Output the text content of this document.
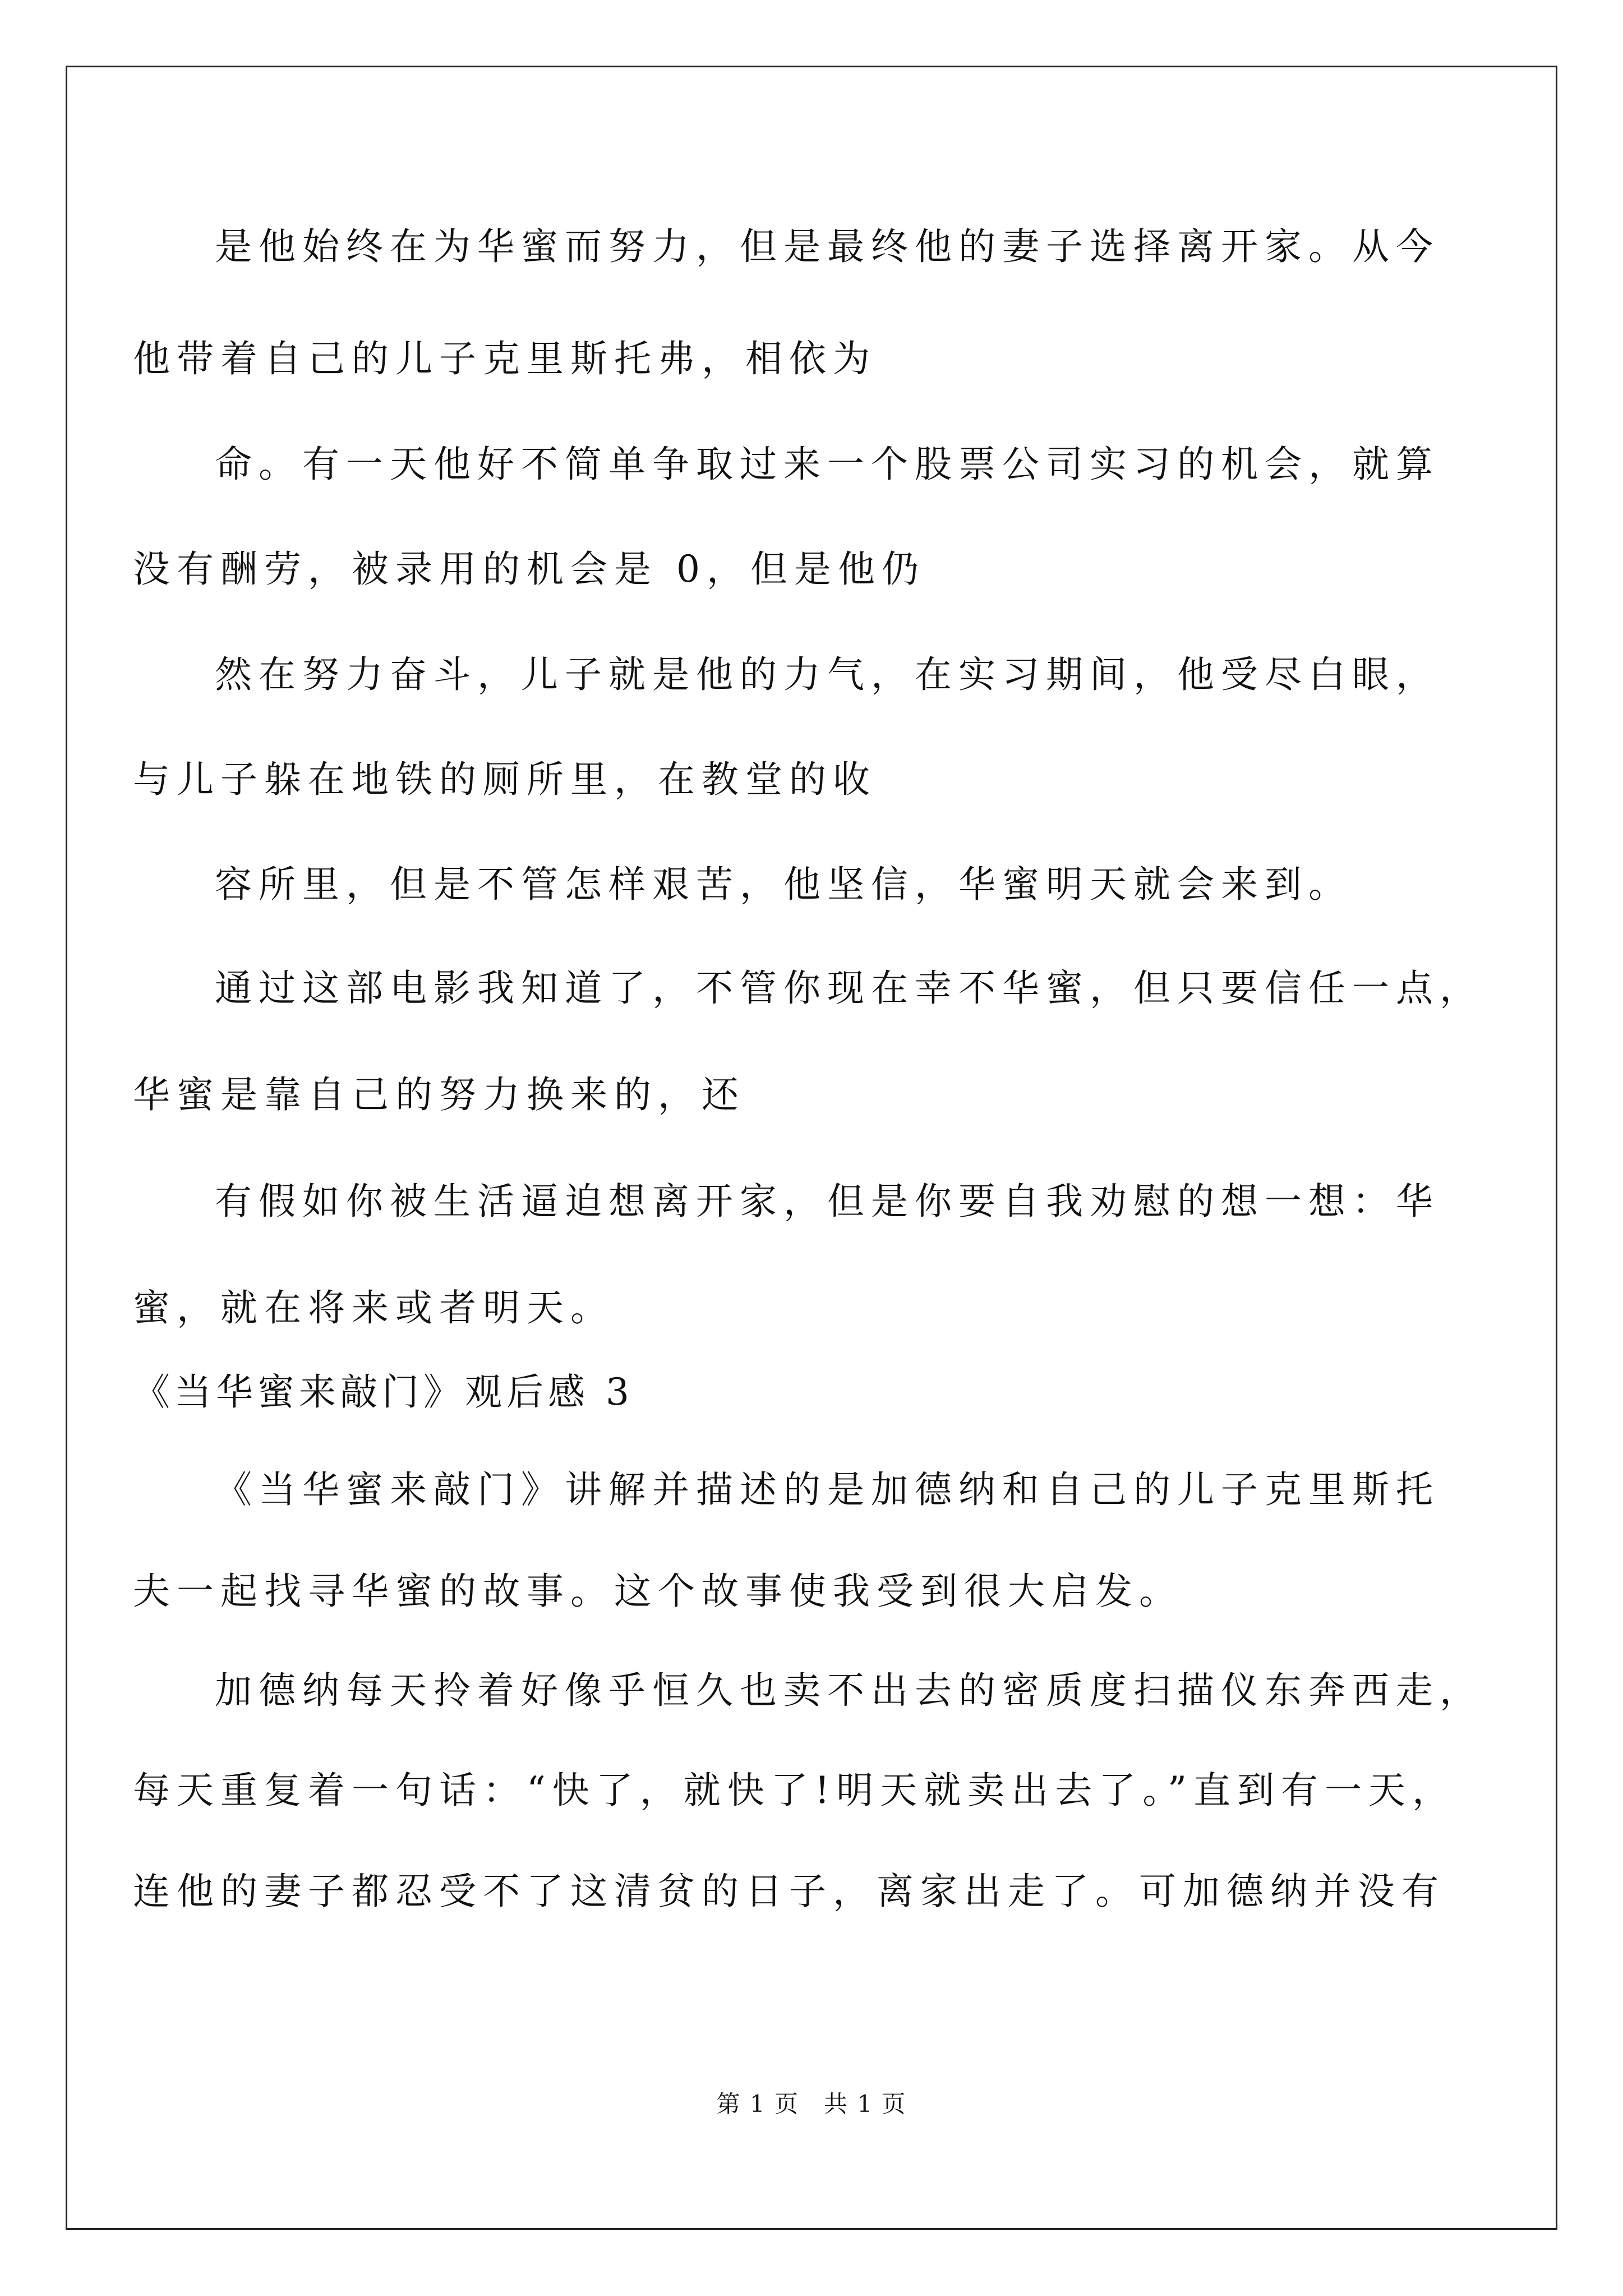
是他始终在为华蜜而努力，但是最终他的妻子选择离开家。从今
他带着自己的儿子克里斯托弗，相依为
命。有一天他好不简单争取过来一个股票公司实习的机会，就算
没有酬劳，被录用的机会是 0，但是他仍
然在努力奋斗，儿子就是他的力气，在实习期间，他受尽白眼，
与儿子躲在地铁的厕所里，在教堂的收
容所里，但是不管怎样艰苦，他坚信，华蜜明天就会来到。
通过这部电影我知道了，不管你现在幸不华蜜，但只要信任一点，
华蜜是靠自己的努力换来的，还
有假如你被生活逼迫想离开家，但是你要自我劝慰的想一想：华
蜜，就在将来或者明天。
《当华蜜来敲门》观后感 3
《当华蜜来敲门》讲解并描述的是加德纳和自己的儿子克里斯托
夫一起找寻华蜜的故事。这个故事使我受到很大启发。
加德纳每天拎着好像乎恒久也卖不出去的密质度扫描仪东奔西走，
每天重复着一句话：“快了，就快了!明天就卖出去了。”直到有一天，
连他的妻子都忍受不了这清贫的日子，离家出走了。可加德纳并没有
第 1 页　共 1 页
